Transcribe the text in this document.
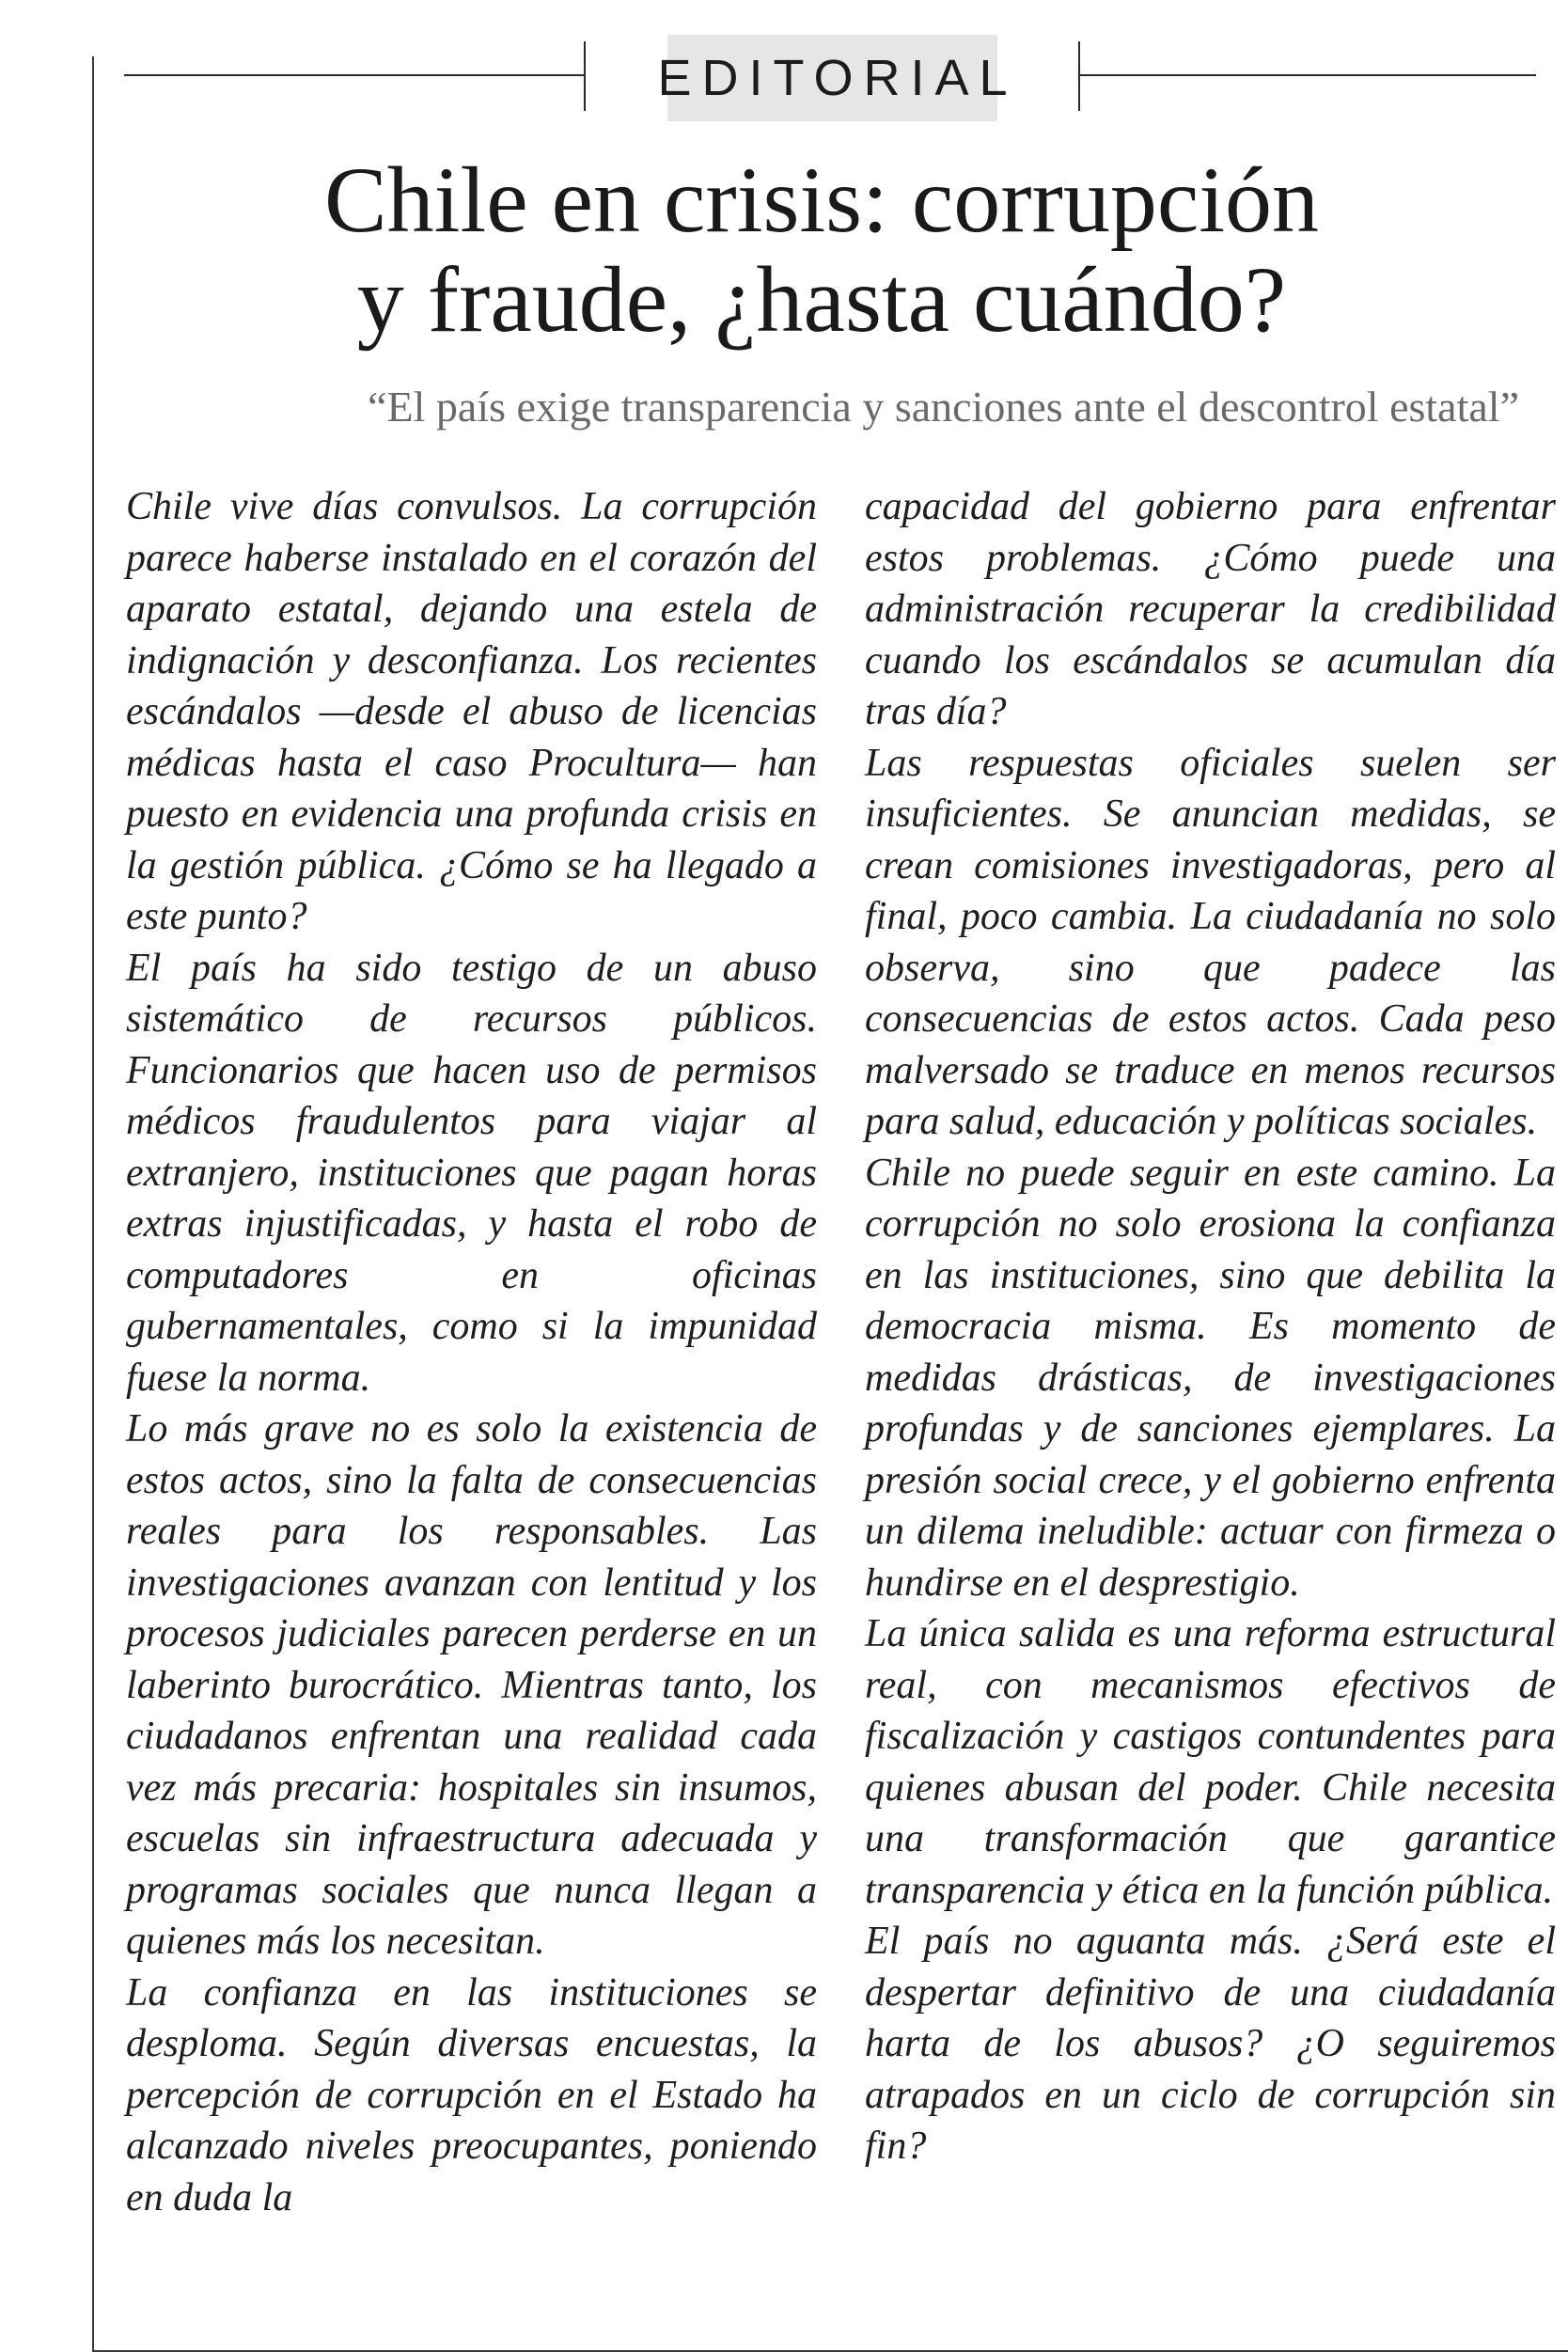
EDITORIAL
Chile en crisis: corrupción
y fraude, ¿hasta cuándo?
“El país exige transparencia y sanciones ante el descontrol estatal”

Chile vive días convulsos. La corrupción parece haberse instalado en el corazón del aparato estatal, dejando una estela de indignación y desconfianza. Los recientes escándalos —desde el abuso de licencias médicas hasta el caso Procultura— han puesto en evidencia una profunda crisis en la gestión pública. ¿Cómo se ha llegado a este punto?

El país ha sido testigo de un abuso sistemático de recursos públicos. Funcionarios que hacen uso de permisos médicos fraudulentos para viajar al extranjero, instituciones que pagan horas extras injustificadas, y hasta el robo de computadores en oficinas gubernamentales, como si la impunidad fuese la norma.

Lo más grave no es solo la existencia de estos actos, sino la falta de consecuencias reales para los responsables. Las investigaciones avanzan con lentitud y los procesos judiciales parecen perderse en un laberinto burocrático. Mientras tanto, los ciudadanos enfrentan una realidad cada vez más precaria: hospitales sin insumos, escuelas sin infraestructura adecuada y programas sociales que nunca llegan a quienes más los necesitan.

La confianza en las instituciones se desploma. Según diversas encuestas, la percepción de corrupción en el Estado ha alcanzado niveles preocupantes, poniendo en duda la

capacidad del gobierno para enfrentar estos problemas. ¿Cómo puede una administración recuperar la credibilidad cuando los escándalos se acumulan día tras día?

Las respuestas oficiales suelen ser insuficientes. Se anuncian medidas, se crean comisiones investigadoras, pero al final, poco cambia. La ciudadanía no solo observa, sino que padece las consecuencias de estos actos. Cada peso malversado se traduce en menos recursos para salud, educación y políticas sociales.

Chile no puede seguir en este camino. La corrupción no solo erosiona la confianza en las instituciones, sino que debilita la democracia misma. Es momento de medidas drásticas, de investigaciones profundas y de sanciones ejemplares. La presión social crece, y el gobierno enfrenta un dilema ineludible: actuar con firmeza o hundirse en el desprestigio.

La única salida es una reforma estructural real, con mecanismos efectivos de fiscalización y castigos contundentes para quienes abusan del poder. Chile necesita una transformación que garantice transparencia y ética en la función pública.

El país no aguanta más. ¿Será este el despertar definitivo de una ciudadanía harta de los abusos? ¿O seguiremos atrapados en un ciclo de corrupción sin fin?
